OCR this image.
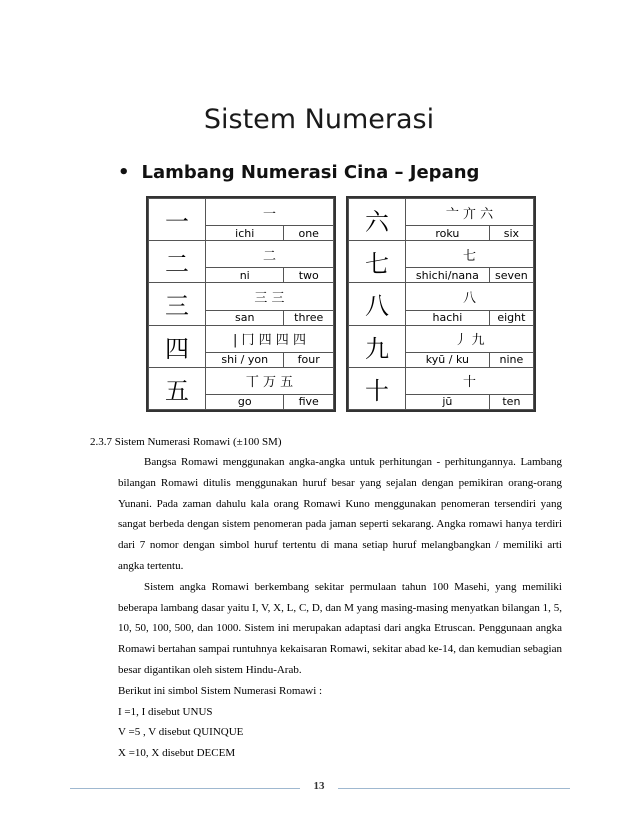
Sistem Numerasi
• Lambang Numerasi Cina – Jepang
一	一	
	ichi	one
二	二	
	ni	two
三	三 三	
	san	three
四	| 冂 四 四 四	
	shi / yon	four
五	丅 万 五	
	go	five
六	亠 亣 六	
	roku	six
七	七	
	shichi/nana	seven
八	八	
	hachi	eight
九	丿 九	
	kyū / ku	nine
十	十	
	jū	ten
2.3.7 Sistem Numerasi Romawi (±100 SM)

Bangsa Romawi menggunakan angka-angka untuk perhitungan - perhitungannya. Lambang bilangan Romawi ditulis menggunakan huruf besar yang sejalan dengan pemikiran orang-orang Yunani. Pada zaman dahulu kala orang Romawi Kuno menggunakan penomeran tersendiri yang sangat berbeda dengan sistem penomeran pada jaman seperti sekarang. Angka romawi hanya terdiri dari 7 nomor dengan simbol huruf tertentu di mana setiap huruf melangbangkan / memiliki arti angka tertentu.

Sistem angka Romawi berkembang sekitar permulaan tahun 100 Masehi, yang memiliki beberapa lambang dasar yaitu I, V, X, L, C, D, dan M yang masing-masing menyatkan bilangan 1, 5, 10, 50, 100, 500, dan 1000. Sistem ini merupakan adaptasi dari angka Etruscan. Penggunaan angka Romawi bertahan sampai runtuhnya kekaisaran Romawi, sekitar abad ke-14, dan kemudian sebagian besar digantikan oleh sistem Hindu-Arab.

Berikut ini simbol Sistem Numerasi Romawi :

I =1, I disebut UNUS

V =5 , V disebut QUINQUE

X =10, X disebut DECEM

13
